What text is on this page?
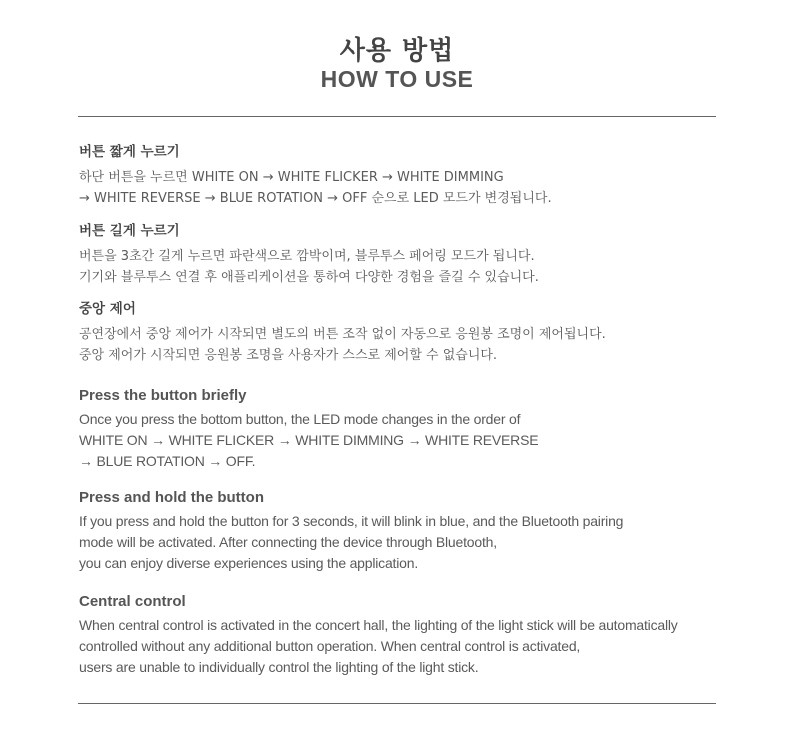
사용 방법
HOW TO USE
버튼 짧게 누르기
하단 버튼을 누르면 WHITE ON → WHITE FLICKER → WHITE DIMMING
→ WHITE REVERSE → BLUE ROTATION → OFF 순으로 LED 모드가 변경됩니다.
버튼 길게 누르기
버튼을 3초간 길게 누르면 파란색으로 깜박이며, 블루투스 페어링 모드가 됩니다.
기기와 블루투스 연결 후 애플리케이션을 통하여 다양한 경험을 즐길 수 있습니다.
중앙 제어
공연장에서 중앙 제어가 시작되면 별도의 버튼 조작 없이 자동으로 응원봉 조명이 제어됩니다.
중앙 제어가 시작되면 응원봉 조명을 사용자가 스스로 제어할 수 없습니다.
Press the button briefly
Once you press the bottom button, the LED mode changes in the order of
WHITE ON → WHITE FLICKER → WHITE DIMMING → WHITE REVERSE
→ BLUE ROTATION → OFF.
Press and hold the button
If you press and hold the button for 3 seconds, it will blink in blue, and the Bluetooth pairing
mode will be activated. After connecting the device through Bluetooth,
you can enjoy diverse experiences using the application.
Central control
When central control is activated in the concert hall, the lighting of the light stick will be automatically
controlled without any additional button operation. When central control is activated,
users are unable to individually control the lighting of the light stick.
